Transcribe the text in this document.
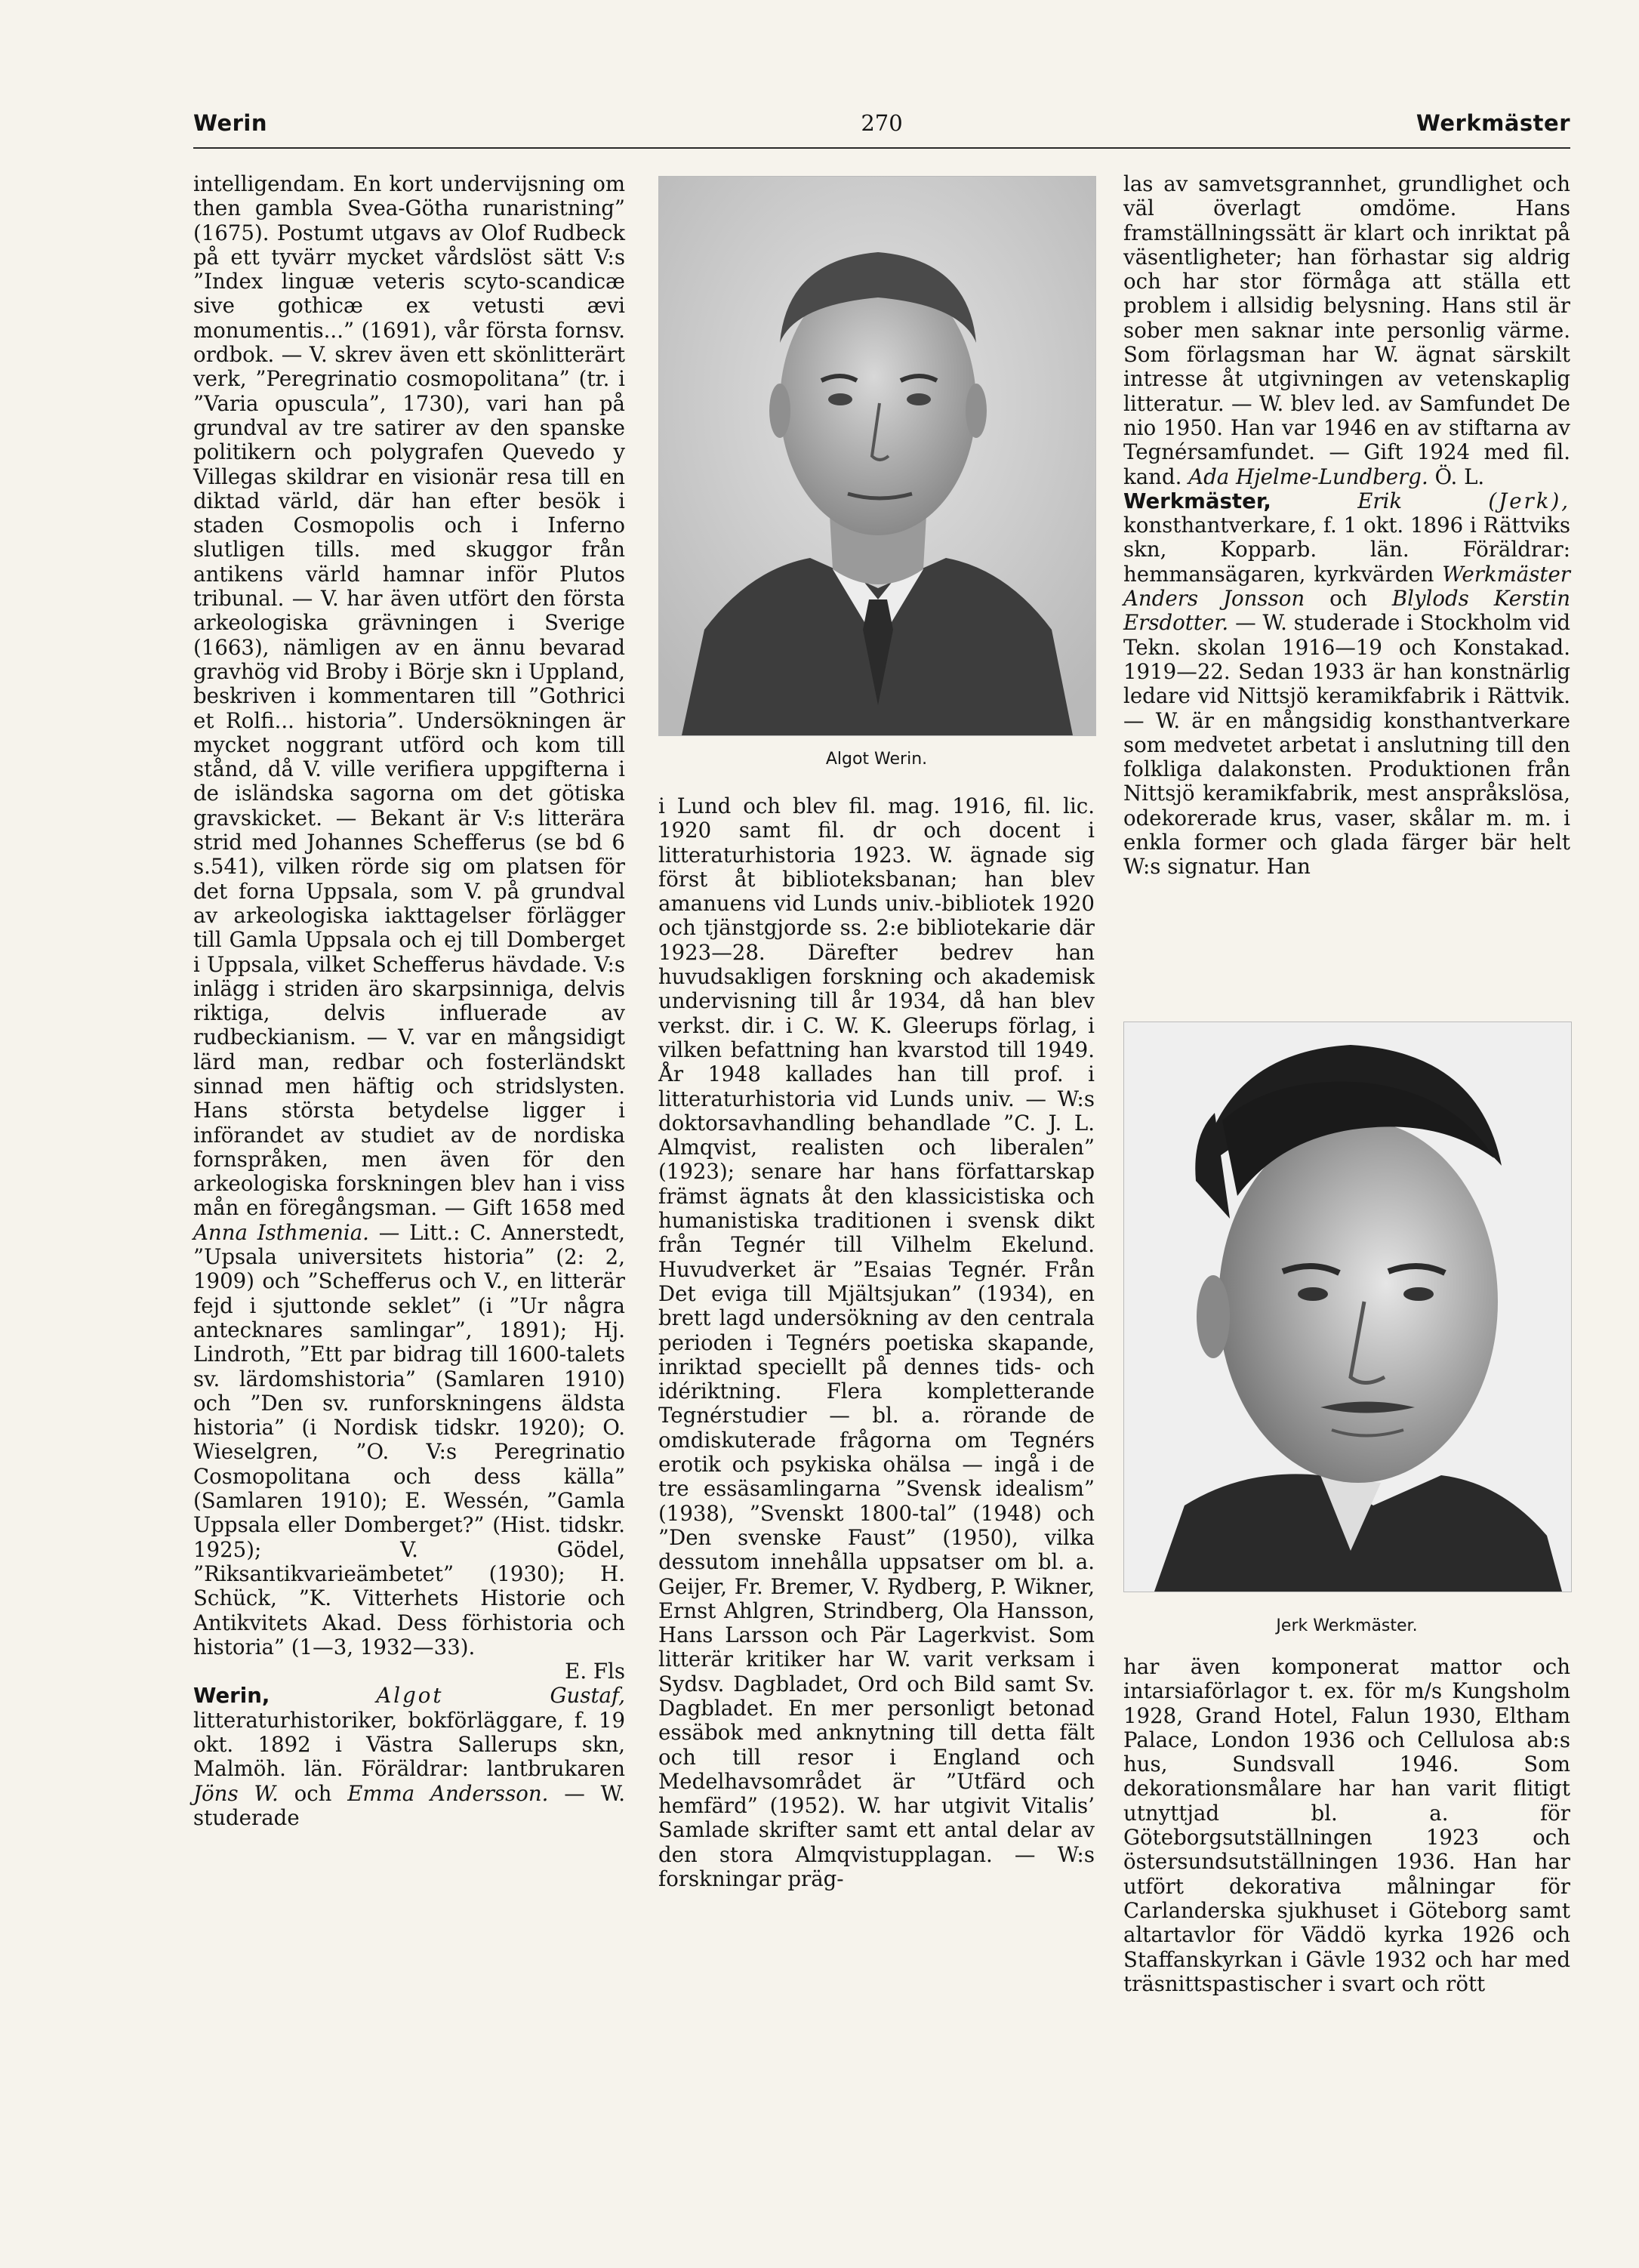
Werin	270	Werkmäster

intelligendam. En kort undervijsning om then gambla Svea-Götha runaristning” (1675). Postumt utgavs av Olof Rudbeck på ett tyvärr mycket vårdslöst sätt V:s ”Index linguæ veteris scyto-scandicæ sive gothicæ ex vetusti ævi monumentis...” (1691), vår första fornsv. ordbok. — V. skrev även ett skönlitterärt verk, ”Peregrinatio cosmopolitana” (tr. i ”Varia opuscula”, 1730), vari han på grundval av tre satirer av den spanske politikern och polygrafen Quevedo y Villegas skildrar en visionär resa till en diktad värld, där han efter besök i staden Cosmopolis och i Inferno slutligen tills. med skuggor från antikens värld hamnar inför Plutos tribunal. — V. har även utfört den första arkeologiska grävningen i Sverige (1663), nämligen av en ännu bevarad gravhög vid Broby i Börje skn i Uppland, beskriven i kommentaren till ”Gothrici et Rolfi... historia”. Undersökningen är mycket noggrant utförd och kom till stånd, då V. ville verifiera uppgifterna i de isländska sagorna om det götiska gravskicket. — Bekant är V:s litterära strid med Johannes Schefferus (se bd 6 s.541), vilken rörde sig om platsen för det forna Uppsala, som V. på grundval av arkeologiska iakttagelser förlägger till Gamla Uppsala och ej till Domberget i Uppsala, vilket Schefferus hävdade. V:s inlägg i striden äro skarpsinniga, delvis riktiga, delvis influerade av rudbeckianism. — V. var en mångsidigt lärd man, redbar och fosterländskt sinnad men häftig och stridslysten. Hans största betydelse ligger i införandet av studiet av de nordiska fornspråken, men även för den arkeologiska forskningen blev han i viss mån en föregångsman. — Gift 1658 med Anna Isthmenia. — Litt.: C. Annerstedt, ”Upsala universitets historia” (2: 2, 1909) och ”Schefferus och V., en litterär fejd i sjuttonde seklet” (i ”Ur några antecknares samlingar”, 1891); Hj. Lindroth, ”Ett par bidrag till 1600-talets sv. lärdomshistoria” (Samlaren 1910) och ”Den sv. runforskningens äldsta historia” (i Nordisk tidskr. 1920); O. Wieselgren, ”O. V:s Peregrinatio Cosmopolitana och dess källa” (Samlaren 1910); E. Wessén, ”Gamla Uppsala eller Domberget?” (Hist. tidskr. 1925); V. Gödel, ”Riksantikvarieämbetet” (1930); H. Schück, ”K. Vitterhets Historie och Antikvitets Akad. Dess förhistoria och historia” (1—3, 1932—33).

E. Fls

Werin,	Algot	Gustaf, litteraturhistoriker, bokförläggare, f. 19 okt. 1892 i Västra Sallerups skn, Malmöh. län. Föräldrar: lantbrukaren Jöns W. och Emma Andersson. — W. studerade

Algot Werin.

i Lund och blev fil. mag. 1916, fil. lic. 1920 samt fil. dr och docent i litteraturhistoria 1923. W. ägnade sig först åt biblioteksbanan; han blev amanuens vid Lunds univ.-bibliotek 1920 och tjänstgjorde ss. 2:e bibliotekarie där 1923—28. Därefter bedrev han huvudsakligen forskning och akademisk undervisning till år 1934, då han blev verkst. dir. i C. W. K. Gleerups förlag, i vilken befattning han kvarstod till 1949. År 1948 kallades han till prof. i litteraturhistoria vid Lunds univ. — W:s doktorsavhandling behandlade ”C. J. L. Almqvist, realisten och liberalen” (1923); senare har hans författarskap främst ägnats åt den klassicistiska och humanistiska traditionen i svensk dikt från Tegnér till Vilhelm Ekelund. Huvudverket är ”Esaias Tegnér. Från Det eviga till Mjältsjukan” (1934), en brett lagd undersökning av den centrala perioden i Tegnérs poetiska skapande, inriktad speciellt på dennes tids- och idériktning. Flera kompletterande Tegnérstudier — bl. a. rörande de omdiskuterade frågorna om Tegnérs erotik och psykiska ohälsa — ingå i de tre essäsamlingarna ”Svensk idealism” (1938), ”Svenskt 1800-tal” (1948) och ”Den svenske Faust” (1950), vilka dessutom innehålla uppsatser om bl. a. Geijer, Fr. Bremer, V. Rydberg, P. Wikner, Ernst Ahlgren, Strindberg, Ola Hansson, Hans Larsson och Pär Lagerkvist. Som litterär kritiker har W. varit verksam i Sydsv. Dagbladet, Ord och Bild samt Sv. Dagbladet. En mer personligt betonad essäbok med anknytning till detta fält och till resor i England och Medelhavsområdet är ”Utfärd och hemfärd” (1952). W. har utgivit Vitalis’ Samlade skrifter samt ett antal delar av den stora Almqvistupplagan. — W:s forskningar präg-

las av samvetsgrannhet, grundlighet och väl överlagt omdöme. Hans framställningssätt är klart och inriktat på väsentligheter; han förhastar sig aldrig och har stor förmåga att ställa ett problem i allsidig belysning. Hans stil är sober men saknar inte personlig värme. Som förlagsman har W. ägnat särskilt intresse åt utgivningen av vetenskaplig litteratur. — W. blev led. av Samfundet De nio 1950. Han var 1946 en av stiftarna av Tegnérsamfundet. — Gift 1924 med fil. kand. Ada Hjelme-Lundberg. Ö. L.

Werkmäster,	Erik	(Jerk), konsthantverkare, f. 1 okt. 1896 i Rättviks skn, Kopparb. län. Föräldrar: hemmansägaren, kyrkvärden Werkmäster Anders Jonsson och Blylods Kerstin Ersdotter. — W. studerade i Stockholm vid Tekn. skolan 1916—19 och Konstakad. 1919—22. Sedan 1933 är han konstnärlig ledare vid Nittsjö keramikfabrik i Rättvik. — W. är en mångsidig konsthantverkare som medvetet arbetat i anslutning till den folkliga dalakonsten. Produktionen från Nittsjö keramikfabrik, mest anspråkslösa, odekorerade krus, vaser, skålar m. m. i enkla former och glada färger bär helt W:s signatur. Han

Jerk Werkmäster.

har även komponerat mattor och intarsiaförlagor t. ex. för m/s Kungsholm 1928, Grand Hotel, Falun 1930, Eltham Palace, London 1936 och Cellulosa ab:s hus, Sundsvall 1946. Som dekorationsmålare har han varit flitigt utnyttjad bl. a. för Göteborgsutställningen 1923 och östersundsutställningen 1936. Han har utfört dekorativa målningar för Carlanderska sjukhuset i Göteborg samt altartavlor för Väddö kyrka 1926 och Staffanskyrkan i Gävle 1932 och har med träsnittspastischer i svart och rött
